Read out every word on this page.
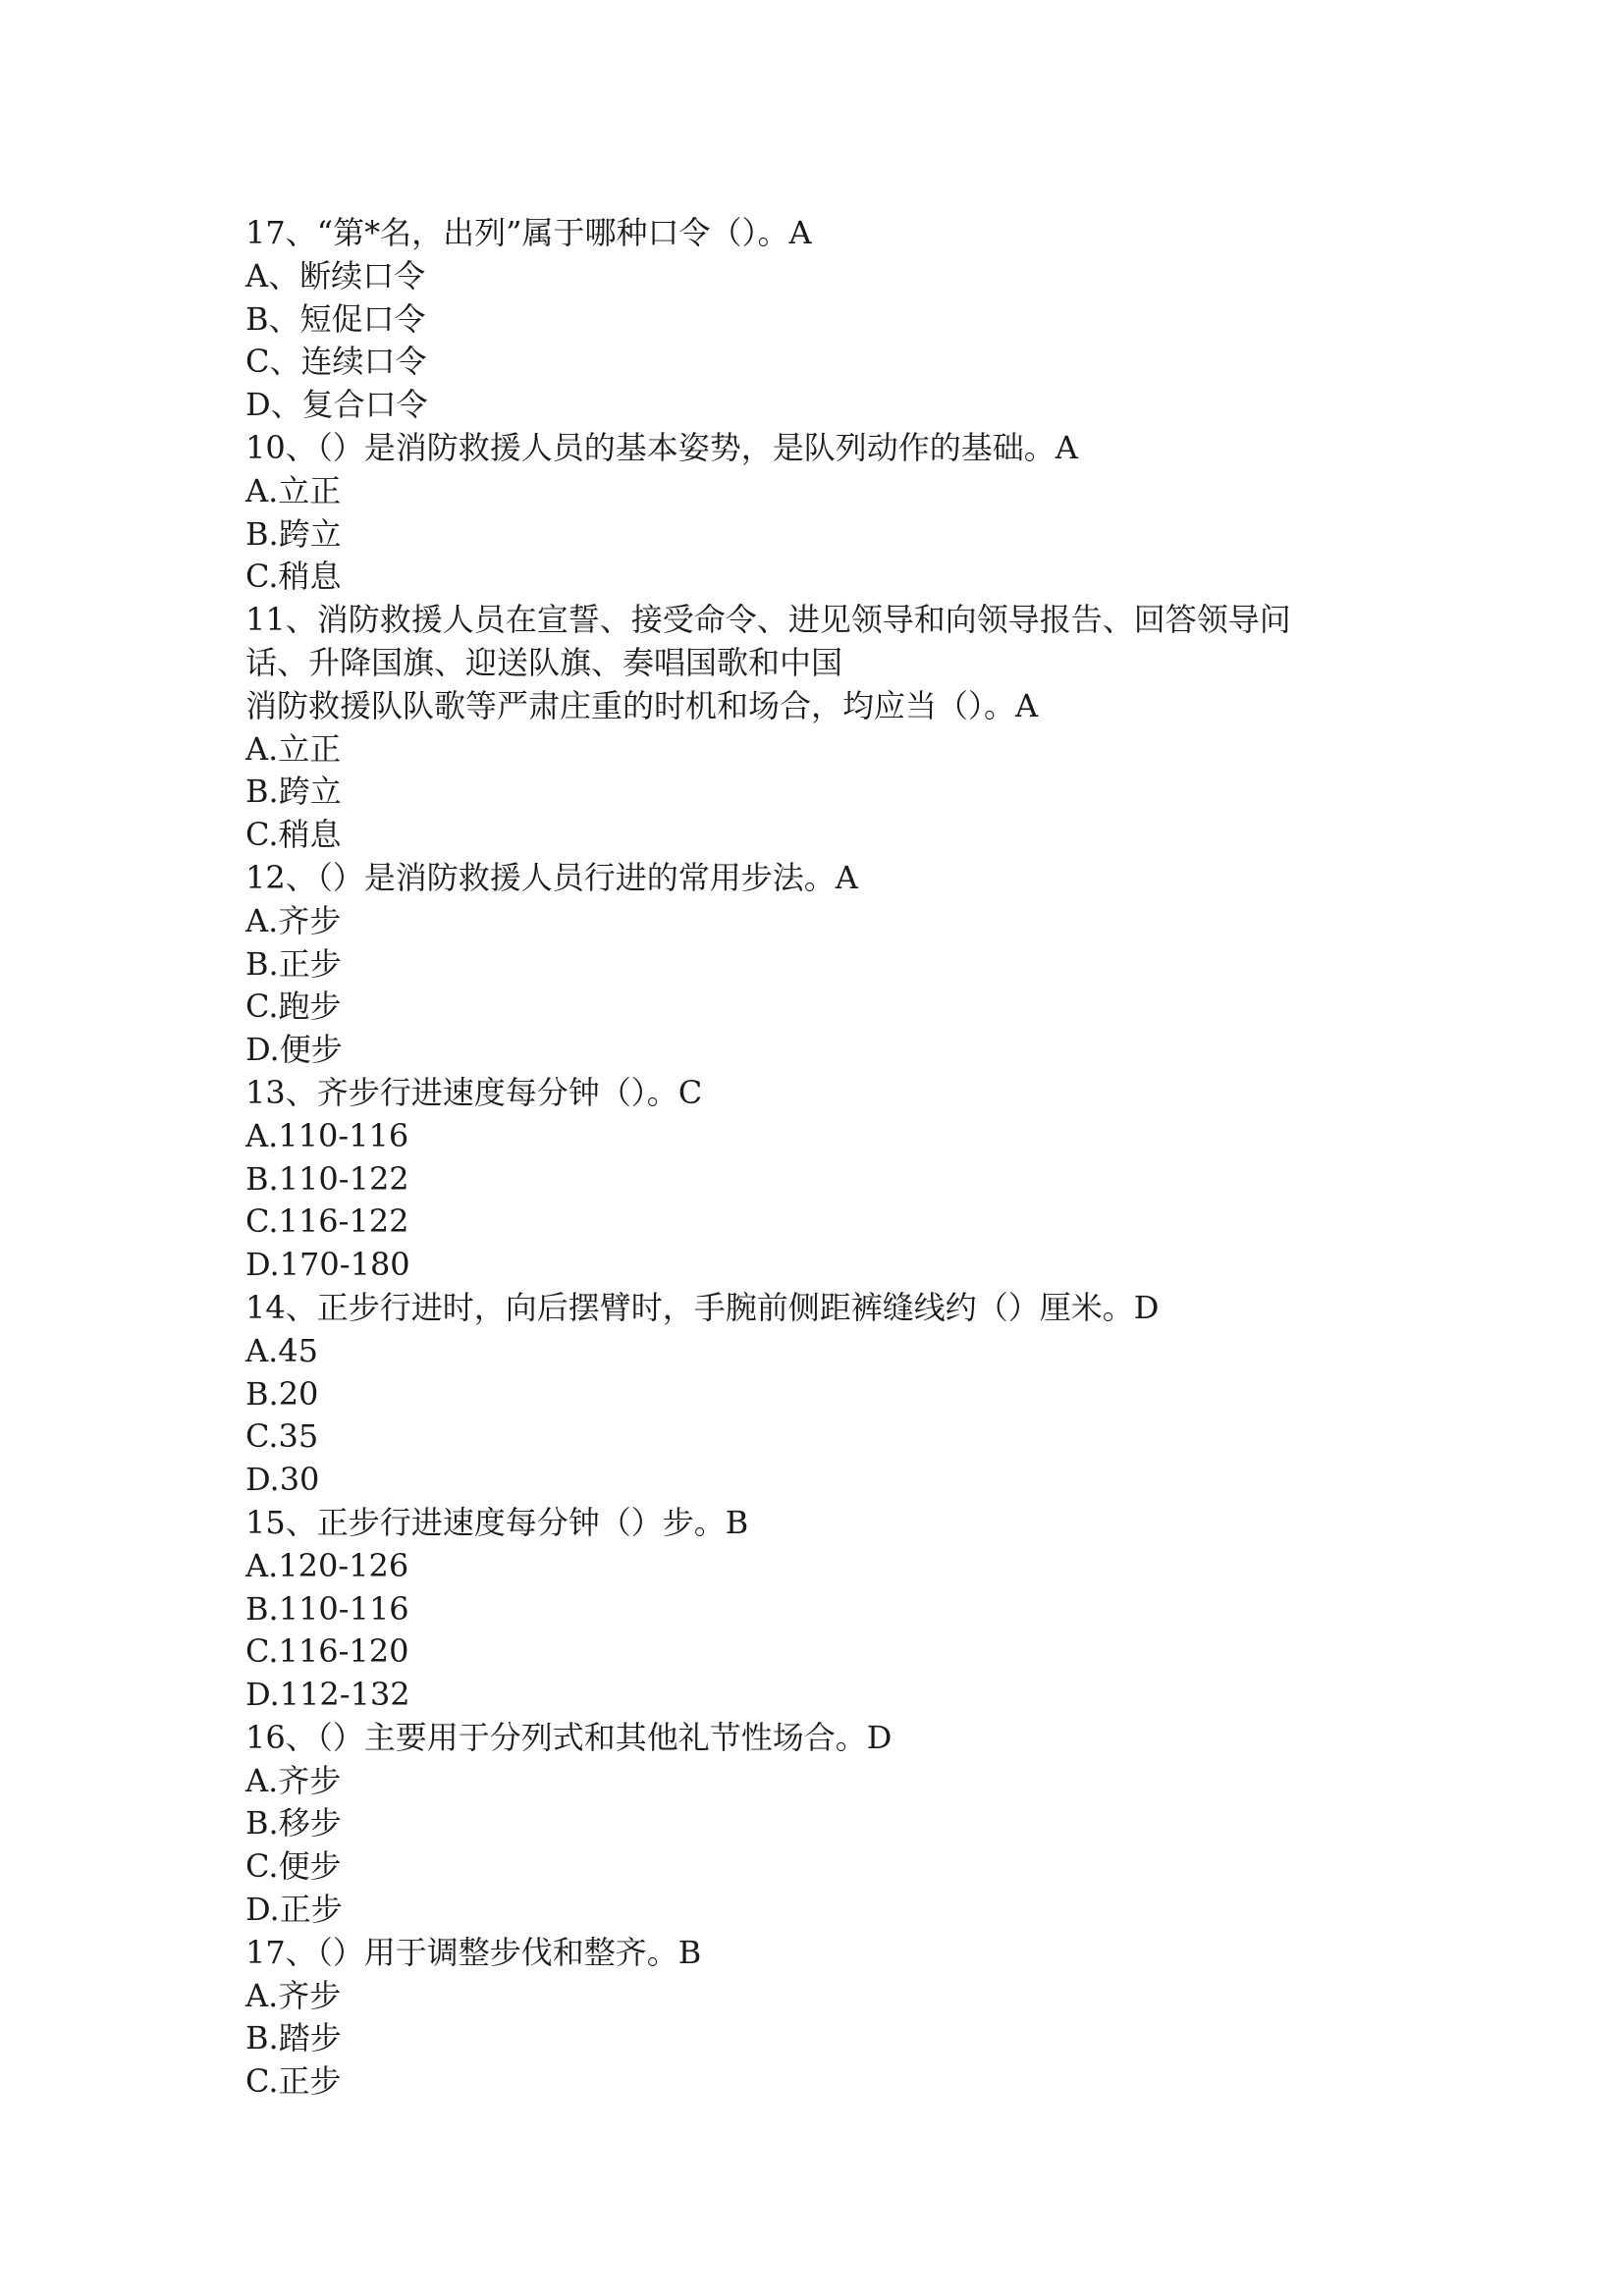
17、“第*名，出列”属于哪种口令（）。A
A、断续口令
B、短促口令
C、连续口令
D、复合口令
10、（）是消防救援人员的基本姿势，是队列动作的基础。A
A.立正
B.跨立
C.稍息
11、消防救援人员在宣誓、接受命令、进见领导和向领导报告、回答领导问
话、升降国旗、迎送队旗、奏唱国歌和中国
消防救援队队歌等严肃庄重的时机和场合，均应当（）。A
A.立正
B.跨立
C.稍息
12、（）是消防救援人员行进的常用步法。A
A.齐步
B.正步
C.跑步
D.便步
13、齐步行进速度每分钟（）。C
A.110-116
B.110-122
C.116-122
D.170-180
14、正步行进时，向后摆臂时，手腕前侧距裤缝线约（）厘米。D
A.45
B.20
C.35
D.30
15、正步行进速度每分钟（）步。B
A.120-126
B.110-116
C.116-120
D.112-132
16、（）主要用于分列式和其他礼节性场合。D
A.齐步
B.移步
C.便步
D.正步
17、（）用于调整步伐和整齐。B
A.齐步
B.踏步
C.正步
